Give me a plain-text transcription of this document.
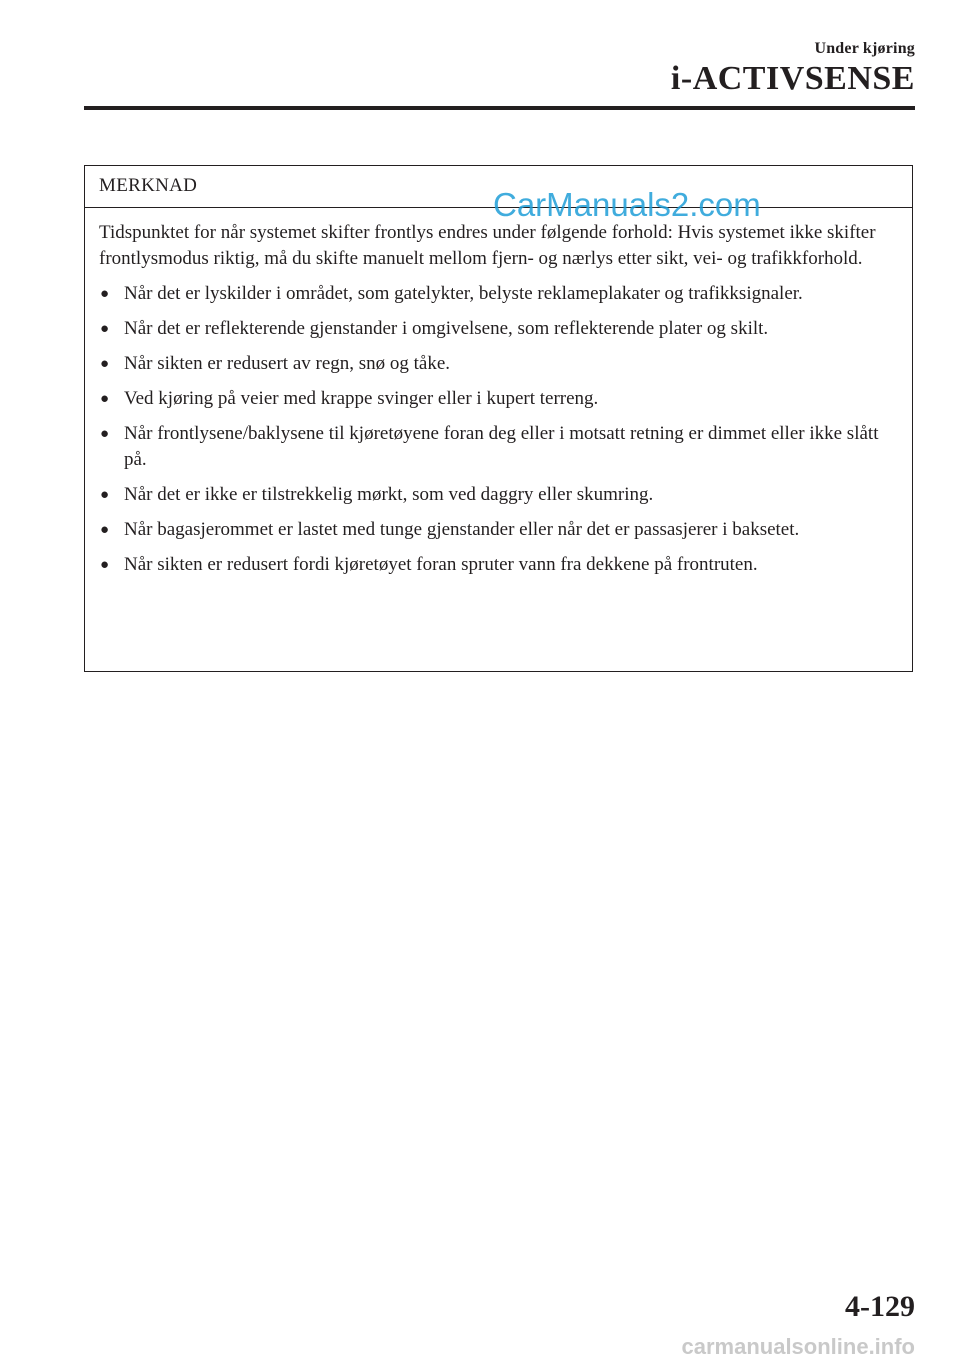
Under kjøring
i-ACTIVSENSE
MERKNAD

Tidspunktet for når systemet skifter frontlys endres under følgende forhold: Hvis systemet ikke skifter frontlysmodus riktig, må du skifte manuelt mellom fjern- og nærlys etter sikt, vei- og trafikkforhold.

● Når det er lyskilder i området, som gatelykter, belyste reklameplakater og trafikksignaler.
● Når det er reflekterende gjenstander i omgivelsene, som reflekterende plater og skilt.
● Når sikten er redusert av regn, snø og tåke.
● Ved kjøring på veier med krappe svinger eller i kupert terreng.
● Når frontlysene/baklysene til kjøretøyene foran deg eller i motsatt retning er dimmet eller ikke slått på.
● Når det er ikke er tilstrekkelig mørkt, som ved daggry eller skumring.
● Når bagasjerommet er lastet med tunge gjenstander eller når det er passasjerer i baksetet.
● Når sikten er redusert fordi kjøretøyet foran spruter vann fra dekkene på frontruten.
CarManuals2.com
4-129
carmanualsonline.info
